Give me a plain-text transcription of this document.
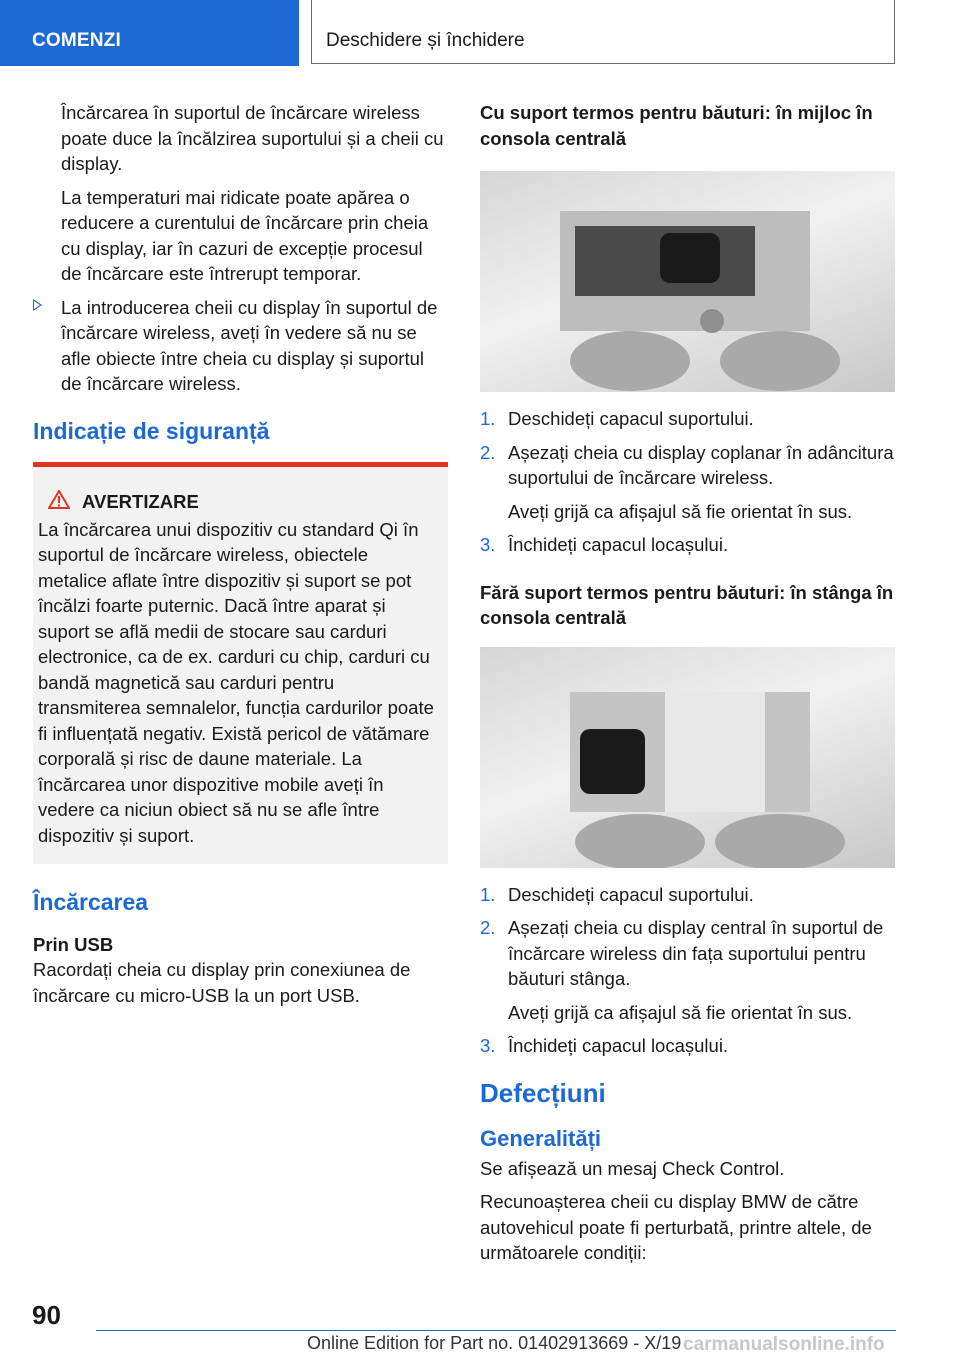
COMENZI	Deschidere și închidere

Încărcarea în suportul de încărcare wireless poate duce la încălzirea suportului și a cheii cu display.

La temperaturi mai ridicate poate apărea o reducere a curentului de încărcare prin cheia cu display, iar în cazuri de excepție procesul de încărcare este întrerupt temporar.

La introducerea cheii cu display în suportul de încărcare wireless, aveți în vedere să nu se afle obiecte între cheia cu display și suportul de încărcare wireless.
Indicație de siguranță
AVERTIZARE
La încărcarea unui dispozitiv cu standard Qi în suportul de încărcare wireless, obiectele metalice aflate între dispozitiv și suport se pot încălzi foarte puternic. Dacă între aparat și suport se află medii de stocare sau carduri electronice, ca de ex. carduri cu chip, carduri cu bandă magnetică sau carduri pentru transmiterea semnalelor, funcția cardurilor poate fi influențată negativ. Există pericol de vătămare corporală și risc de daune materiale. La încărcarea unor dispozitive mobile aveți în vedere ca niciun obiect să nu se afle între dispozitiv și suport.
Încărcarea
Prin USB

Racordați cheia cu display prin conexiunea de încărcare cu micro-USB la un port USB.

Cu suport termos pentru băuturi: în mijloc în consola centrală
1. Deschideți capacul suportului.
2. Așezați cheia cu display coplanar în adâncitura suportului de încărcare wireless.

Aveți grijă ca afișajul să fie orientat în sus.

3. Închideți capacul locașului.
Fără suport termos pentru băuturi: în stânga în consola centrală
1. Deschideți capacul suportului.
2. Așezați cheia cu display central în suportul de încărcare wireless din fața suportului pentru băuturi stânga.

Aveți grijă ca afișajul să fie orientat în sus.

3. Închideți capacul locașului.
Defecțiuni
Generalități

Se afișează un mesaj Check Control.

Recunoașterea cheii cu display BMW de către autovehicul poate fi perturbată, printre altele, de următoarele condiții:

90
Online Edition for Part no. 01402913669 - X/19 carmanualsonline.info
